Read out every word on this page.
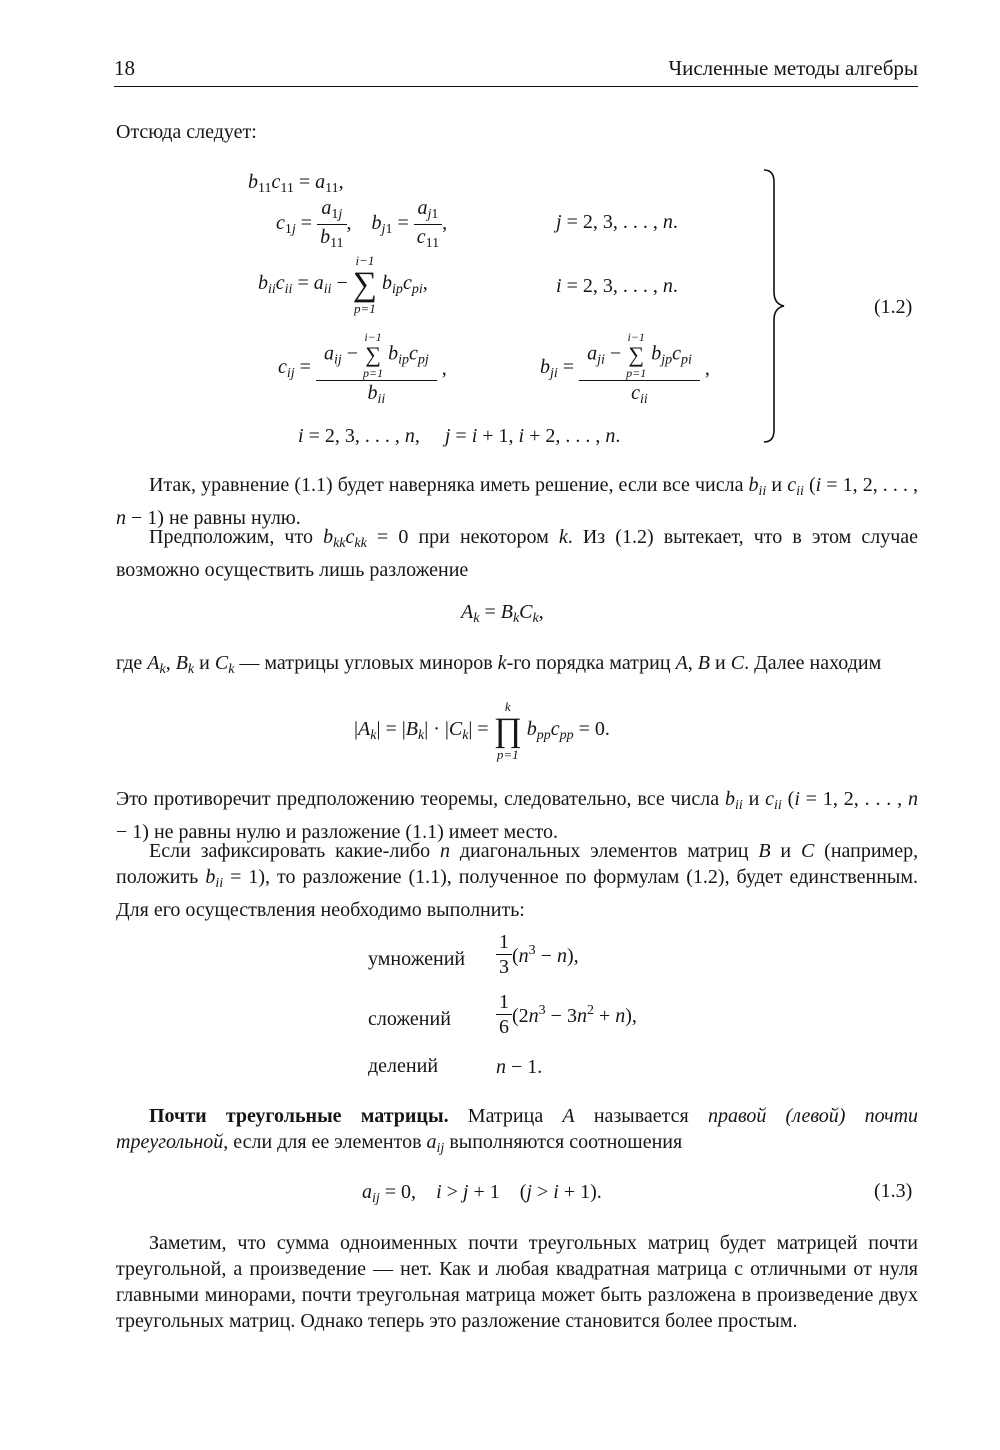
18	Численные методы алгебры
Отсюда следует:
$b_{11}c_{11} = a_{11}$,
$c_{1j} = \frac{a_{1j}}{b_{11}}$ ,    $b_{j1} = \frac{a_{j1}}{c_{11}}$ ,	j = 2, 3, . . . , n.
$b_{ii}c_{ii} = a_{ii}$ −
i−1
∑
p=1
$b_{ip}c_{pi}$,	i = 2, 3, . . . , n.
$c_{ij} = a_{ij}$ −
i−1
∑
p=1
$b_{ip}c_{pj}$
$b_{ii}$ ,	$b_{ji} = a_{ji}$ −
i−1
∑
p=1
$b_{jp}c_{pi}$
$c_{ii}$ ,
i = 2, 3, . . . , n,     j = i + 1, i + 2, . . . , n.
(1.2)
Итак, уравнение (1.1) будет наверняка иметь решение, если все числа $b_{ii}$ и $c_{ii}$ (i = 1, 2, . . . , n − 1) не равны нулю.
Предположим, что $b_{kk}c_{kk} = 0$ при некотором k. Из (1.2) вытекает, что в этом случае возможно осуществить лишь разложение
$A_k = B_kC_k$,
где $A_k$, $B_k$ и $C_k$ — матрицы угловых миноров k-го порядка матриц A, B и C. Далее находим
$|A_k| = |B_k| \cdot |C_k|$ =
k
∏
p=1
$b_{pp}c_{pp} = 0$.
Это противоречит предположению теоремы, следовательно, все числа $b_{ii}$ и $c_{ii}$ (i = 1, 2, . . . , n − 1) не равны нулю и разложение (1.1) имеет место.
Если зафиксировать какие-либо n диагональных элементов матриц B и C (например, положить $b_{ii} = 1$), то разложение (1.1), полученное по формулам (1.2), будет единственным. Для его осуществления необходимо выполнить:
умножений $\frac{1}{3} (n^3 - n)$,
сложений $\frac{1}{6} (2n^3 - 3n^2 + n)$,
делений	n − 1.
Почти треугольные матрицы. Матрица A называется правой (левой) почти треугольной, если для ее элементов $a_{ij}$ выполняются соотношения
$a_{ij} = 0$,    i > j + 1    (j > i + 1).	(1.3)
Заметим, что сумма одноименных почти треугольных матриц будет матрицей почти треугольной, а произведение — нет. Как и любая квадратная матрица с отличными от нуля главными минорами, почти треугольная матрица может быть разложена в произведение двух треугольных матриц. Однако теперь это разложение становится более простым.
